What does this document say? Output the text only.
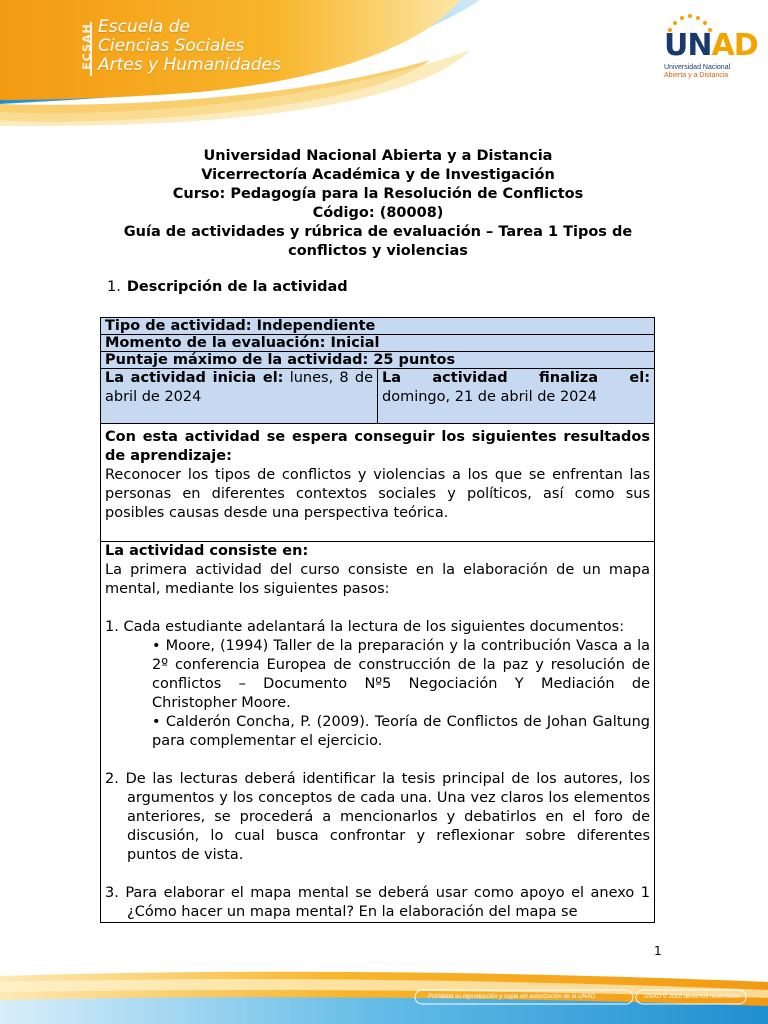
ECSAH Escuela de
Ciencias Sociales
Artes y Humanidades
UNAD
Universidad Nacional
Abierta y a Distancia
Universidad Nacional Abierta y a Distancia
Vicerrectoría Académica y de Investigación
Curso: Pedagogía para la Resolución de Conflictos
Código: (80008)
Guía de actividades y rúbrica de evaluación – Tarea 1 Tipos de conflictos y violencias
1. Descripción de la actividad
Tipo de actividad: Independiente
Momento de la evaluación: Inicial
Puntaje máximo de la actividad: 25 puntos
La actividad inicia el: lunes, 8 de abril de 2024	
La actividad finaliza el:
domingo, 21 de abril de 2024
Con esta actividad se espera conseguir los siguientes resultados de aprendizaje:
Reconocer los tipos de conflictos y violencias a los que se enfrentan las personas en diferentes contextos sociales y políticos, así como sus posibles causas desde una perspectiva teórica.
La actividad consiste en:

La primera actividad del curso consiste en la elaboración de un mapa mental, mediante los siguientes pasos:
1. Cada estudiante adelantará la lectura de los siguientes documentos:
• Moore, (1994) Taller de la preparación y la contribución Vasca a la 2º conferencia Europea de construcción de la paz y resolución de conflictos – Documento Nº5 Negociación Y Mediación de Christopher Moore.
• Calderón Concha, P. (2009). Teoría de Conflictos de Johan Galtung para complementar el ejercicio.
2. De las lecturas deberá identificar la tesis principal de los autores, los argumentos y los conceptos de cada una. Una vez claros los elementos anteriores, se procederá a mencionarlos y debatirlos en el foro de discusión, lo cual busca confrontar y reflexionar sobre diferentes puntos de vista.
3. Para elaborar el mapa mental se deberá usar como apoyo el anexo 1 ¿Cómo hacer un mapa mental? En la elaboración del mapa se
1
Prohibida su reproducción y copia sin autorización de la UNAD.	UNAD © 2020 derechos reservados.
